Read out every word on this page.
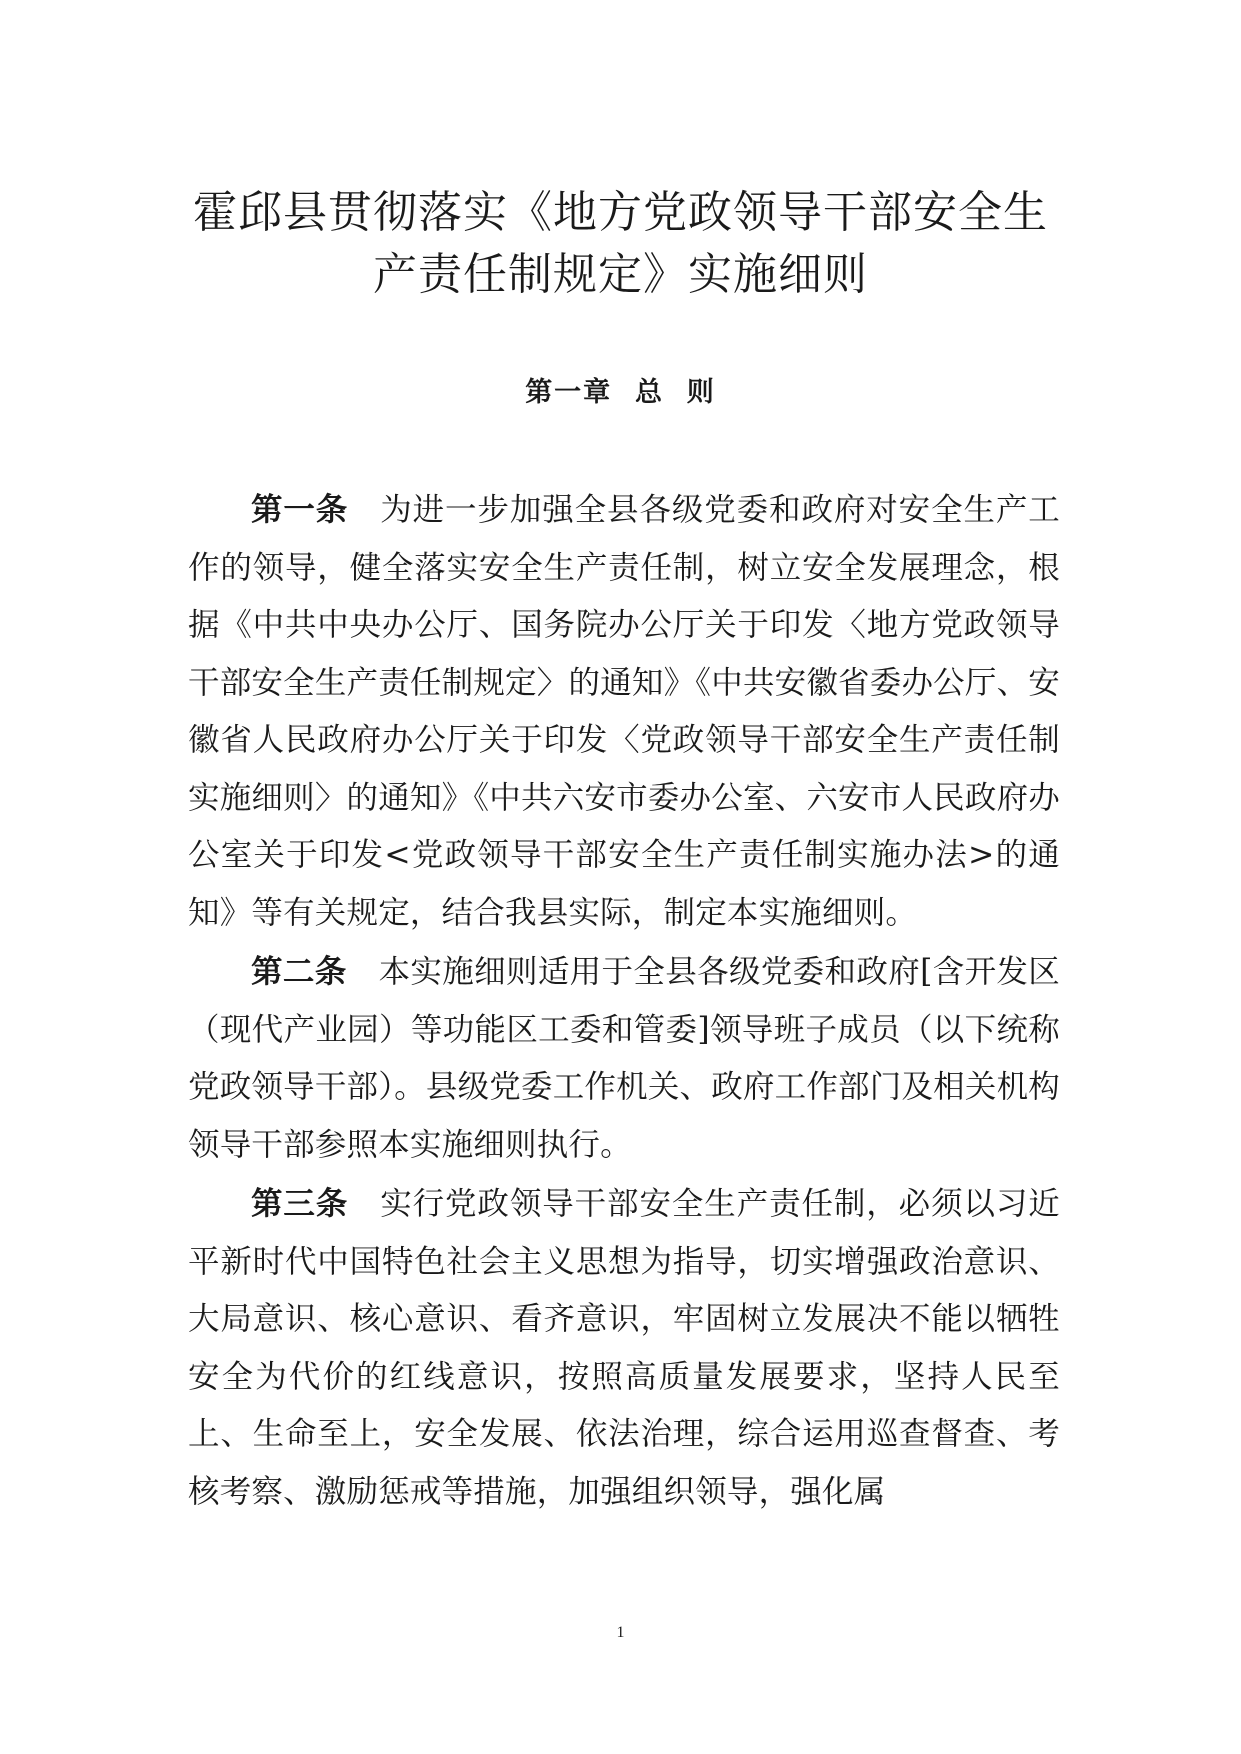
霍邱县贯彻落实《地方党政领导干部安全生
产责任制规定》实施细则
第一章  总  则

第一条 为进一步加强全县各级党委和政府对安全生产工作的领导，健全落实安全生产责任制，树立安全发展理念，根据《中共中央办公厅、国务院办公厅关于印发〈地方党政领导干部安全生产责任制规定〉的通知》《中共安徽省委办公厅、安徽省人民政府办公厅关于印发〈党政领导干部安全生产责任制实施细则〉的通知》《中共六安市委办公室、六安市人民政府办公室关于印发<党政领导干部安全生产责任制实施办法>的通知》等有关规定，结合我县实际，制定本实施细则。

第二条 本实施细则适用于全县各级党委和政府[含开发区（现代产业园）等功能区工委和管委]领导班子成员（以下统称党政领导干部）。县级党委工作机关、政府工作部门及相关机构领导干部参照本实施细则执行。

第三条 实行党政领导干部安全生产责任制，必须以习近平新时代中国特色社会主义思想为指导，切实增强政治意识、大局意识、核心意识、看齐意识，牢固树立发展决不能以牺牲安全为代价的红线意识，按照高质量发展要求，坚持人民至上、生命至上，安全发展、依法治理，综合运用巡查督查、考核考察、激励惩戒等措施，加强组织领导，强化属

1
